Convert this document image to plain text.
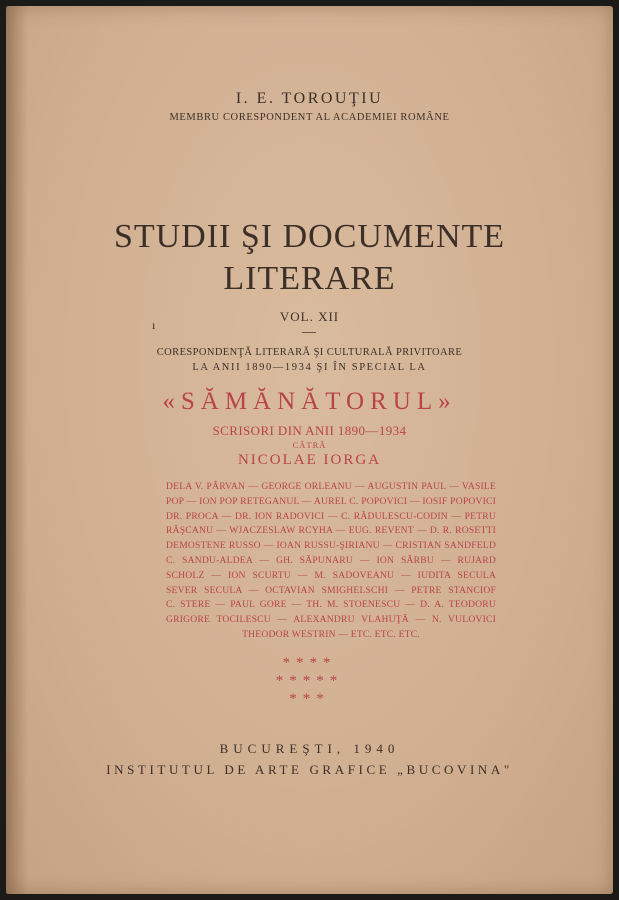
I. E. TOROUŢIU
MEMBRU CORESPONDENT AL ACADEMIEI ROMÂNE
STUDII ŞI DOCUMENTE
LITERARE
VOL. XII
CORESPONDENŢĂ LITERARĂ ŞI CULTURALĂ PRIVITOARE
LA ANII 1890—1934 ŞI ÎN SPECIAL LA
«SĂMĂNĂTORUL»
SCRISORI DIN ANII 1890—1934
CĂTRĂ
NICOLAE IORGA
DELA V. PÂRVAN — GEORGE ORLEANU — AUGUSTIN PAUL — VASILE
POP — ION POP RETEGANUL — AUREL C. POPOVICI — IOSIF POPOVICI
DR. PROCA — DR. ION RADOVICI — C. RĂDULESCU-CODIN — PETRU
RĂŞCANU — WJACZESLAW RCYHA — EUG. REVENT — D. R. ROSETTI
DEMOSTENE RUSSO — IOAN RUSSU-ŞIRIANU — CRISTIAN SANDFELD
C. SANDU-ALDEA — GH. SĂPUNARU — ION SÂRBU — RUJARD
SCHOLZ — ION SCURTU — M. SADOVEANU — IUDITA SECULA
SEVER SECULA — OCTAVIAN SMIGHELSCHI — PETRE STANCIOF
C. STERE — PAUL GORE — TH. M. STOENESCU — D. A. TEODORU
GRIGORE TOCILESCU — ALEXANDRU VLAHUŢĂ — N. VULOVICI
THEODOR WESTRIN — ETC. ETC. ETC.
****
*****
***
BUCUREŞTI, 1940
INSTITUTUL DE ARTE GRAFICE „BUCOVINA"
ı
